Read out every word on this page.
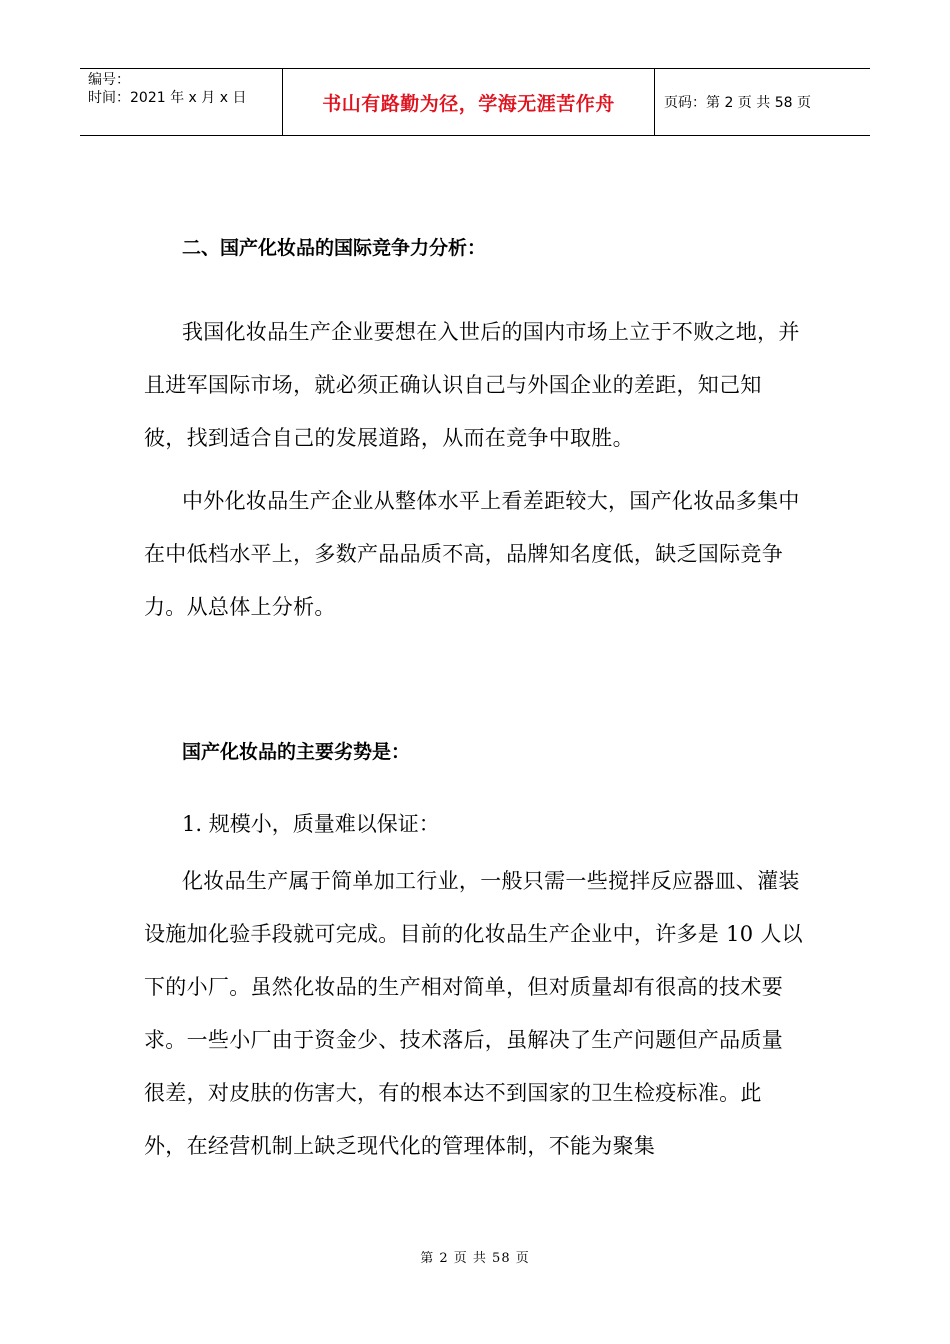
编号：
时间：2021 年 x 月 x 日	书山有路勤为径，学海无涯苦作舟	页码：第 2 页 共 58 页
二、国产化妆品的国际竞争力分析：

我国化妆品生产企业要想在入世后的国内市场上立于不败之地，并且进军国际市场，就必须正确认识自己与外国企业的差距，知己知彼，找到适合自己的发展道路，从而在竞争中取胜。

中外化妆品生产企业从整体水平上看差距较大，国产化妆品多集中在中低档水平上，多数产品品质不高，品牌知名度低，缺乏国际竞争力。从总体上分析。

国产化妆品的主要劣势是：

1. 规模小，质量难以保证：

化妆品生产属于简单加工行业，一般只需一些搅拌反应器皿、灌装设施加化验手段就可完成。目前的化妆品生产企业中，许多是 10 人以下的小厂。虽然化妆品的生产相对简单，但对质量却有很高的技术要求。一些小厂由于资金少、技术落后，虽解决了生产问题但产品质量很差，对皮肤的伤害大，有的根本达不到国家的卫生检疫标准。此外，在经营机制上缺乏现代化的管理体制，不能为聚集

第 2 页 共 58 页
